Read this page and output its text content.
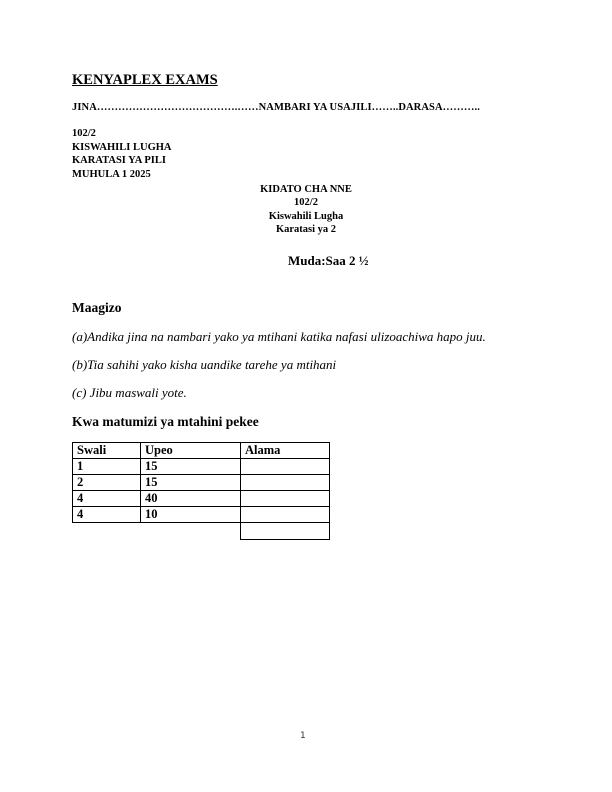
KENYAPLEX EXAMS
JINA………………………………….……NAMBARI YA USAJILI……..DARASA………..
102/2
KISWAHILI LUGHA
KARATASI YA PILI
MUHULA 1 2025
KIDATO CHA NNE
102/2
Kiswahili Lugha
Karatasi ya 2
Muda:Saa 2 ½
Maagizo
(a)Andika jina na nambari yako ya mtihani katika nafasi ulizoachiwa hapo juu.
(b)Tia sahihi yako kisha uandike tarehe ya mtihani
(c) Jibu maswali yote.
Kwa matumizi ya mtahini pekee
Swali	Upeo	Alama
1	15	
2	15	
4	40	
4	10	

1
